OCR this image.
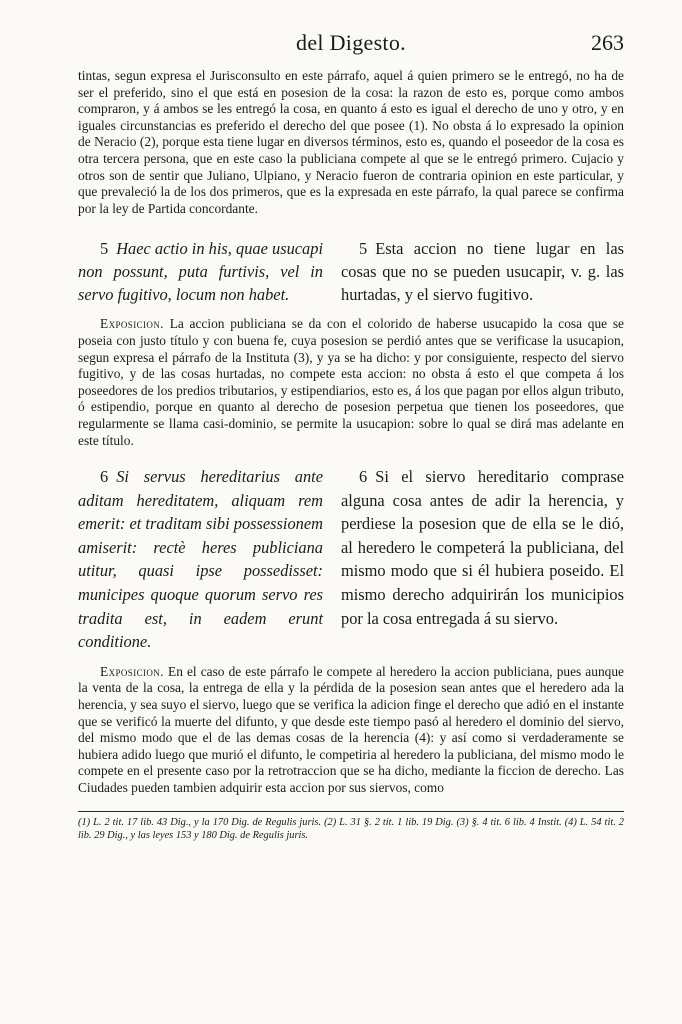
del Digesto.	263

tintas, segun expresa el Jurisconsulto en este párrafo, aquel á quien primero se le entregó, no ha de ser el preferido, sino el que está en posesion de la cosa: la razon de esto es, porque como ambos compraron, y á ambos se les entregó la cosa, en quanto á esto es igual el derecho de uno y otro, y en iguales circunstancias es preferido el derecho del que posee (1). No obsta á lo expresado la opinion de Neracio (2), porque esta tiene lugar en diversos términos, esto es, quando el poseedor de la cosa es otra tercera persona, que en este caso la publiciana compete al que se le entregó primero. Cujacio y otros son de sentir que Juliano, Ulpiano, y Neracio fueron de contraria opinion en este particular, y que prevaleció la de los dos primeros, que es la expresada en este párrafo, la qual parece se confirma por la ley de Partida concordante.

5 Haec actio in his, quae usucapi non possunt, puta furtivis, vel in servo fugitivo, locum non habet.

5 Esta accion no tiene lugar en las cosas que no se pueden usucapir, v. g. las hurtadas, y el siervo fugitivo.

Exposicion. La accion publiciana se da con el colorido de haberse usucapido la cosa que se poseia con justo título y con buena fe, cuya posesion se perdió antes que se verificase la usucapion, segun expresa el párrafo de la Instituta (3), y ya se ha dicho: y por consiguiente, respecto del siervo fugitivo, y de las cosas hurtadas, no compete esta accion: no obsta á esto el que competa á los poseedores de los predios tributarios, y estipendiarios, esto es, á los que pagan por ellos algun tributo, ó estipendio, porque en quanto al derecho de posesion perpetua que tienen los poseedores, que regularmente se llama casi-dominio, se permite la usucapion: sobre lo qual se dirá mas adelante en este título.

6 Si servus hereditarius ante aditam hereditatem, aliquam rem emerit: et traditam sibi possessionem amiserit: rectè heres publiciana utitur, quasi ipse possedisset: municipes quoque quorum servo res tradita est, in eadem erunt conditione.

6 Si el siervo hereditario comprase alguna cosa antes de adir la herencia, y perdiese la posesion que de ella se le dió, al heredero le competerá la publiciana, del mismo modo que si él hubiera poseido. El mismo derecho adquirirán los municipios por la cosa entregada á su siervo.

Exposicion. En el caso de este párrafo le compete al heredero la accion publiciana, pues aunque la venta de la cosa, la entrega de ella y la pérdida de la posesion sean antes que el heredero ada la herencia, y sea suyo el siervo, luego que se verifica la adicion finge el derecho que adió en el instante que se verificó la muerte del difunto, y que desde este tiempo pasó al heredero el dominio del siervo, del mismo modo que el de las demas cosas de la herencia (4): y así como si verdaderamente se hubiera adido luego que murió el difunto, le competiria al heredero la publiciana, del mismo modo le compete en el presente caso por la retrotraccion que se ha dicho, mediante la ficcion de derecho. Las Ciudades pueden tambien adquirir esta accion por sus siervos, como

(1) L. 2 tit. 17 lib. 43 Dig., y la 170 Dig. de Regulis juris. (2) L. 31 §. 2 tit. 1 lib. 19 Dig. (3) §. 4 tit. 6 lib. 4 Instit. (4) L. 54 tit. 2 lib. 29 Dig., y las leyes 153 y 180 Dig. de Regulis juris.
